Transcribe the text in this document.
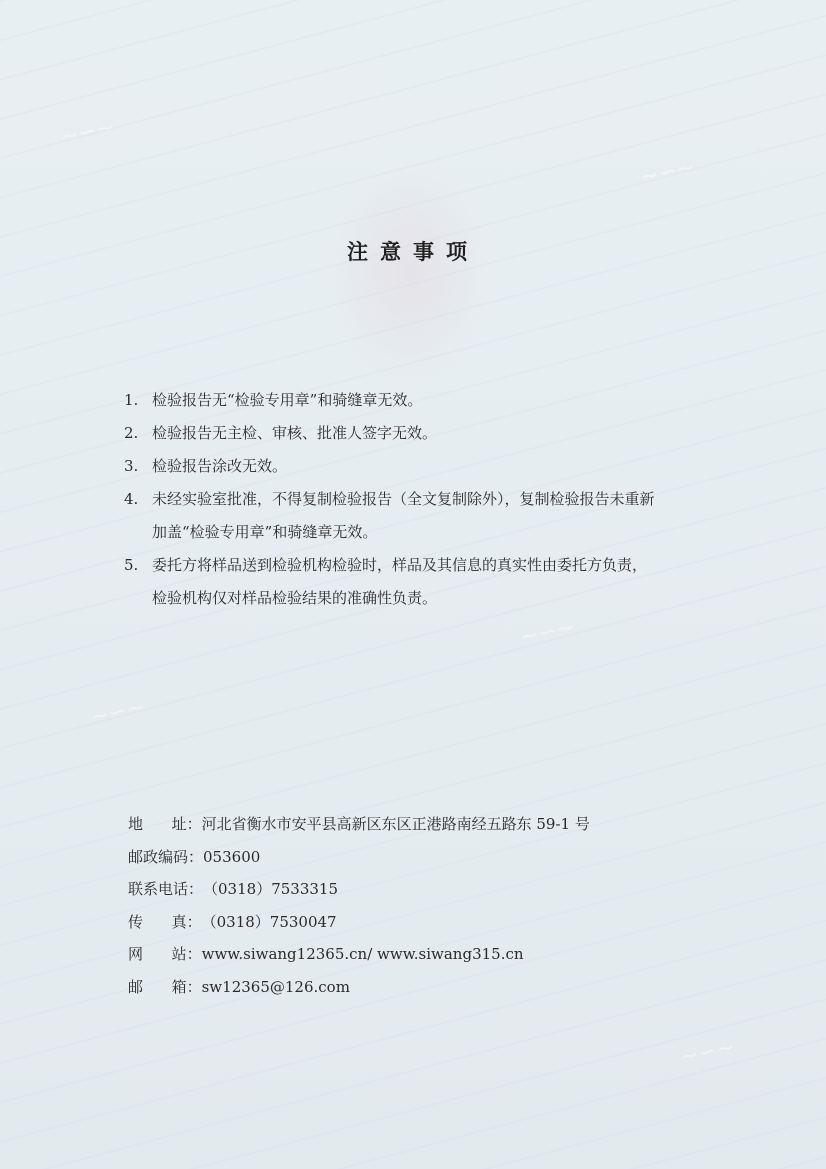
~∽~
~∽~
~∽~
~∽~
~∽~
注意事项
1. 检验报告无“检验专用章”和骑缝章无效。
2. 检验报告无主检、审核、批准人签字无效。
3. 检验报告涂改无效。
4. 未经实验室批准，不得复制检验报告（全文复制除外），复制检验报告未重新
加盖“检验专用章”和骑缝章无效。
5. 委托方将样品送到检验机构检验时，样品及其信息的真实性由委托方负责，
检验机构仅对样品检验结果的准确性负责。
地      址： 河北省衡水市安平县高新区东区正港路南经五路东 59-1 号
邮政编码： 053600
联系电话： （0318）7533315
传      真： （0318）7530047
网      站： www.siwang12365.cn/ www.siwang315.cn
邮      箱： sw12365@126.com
